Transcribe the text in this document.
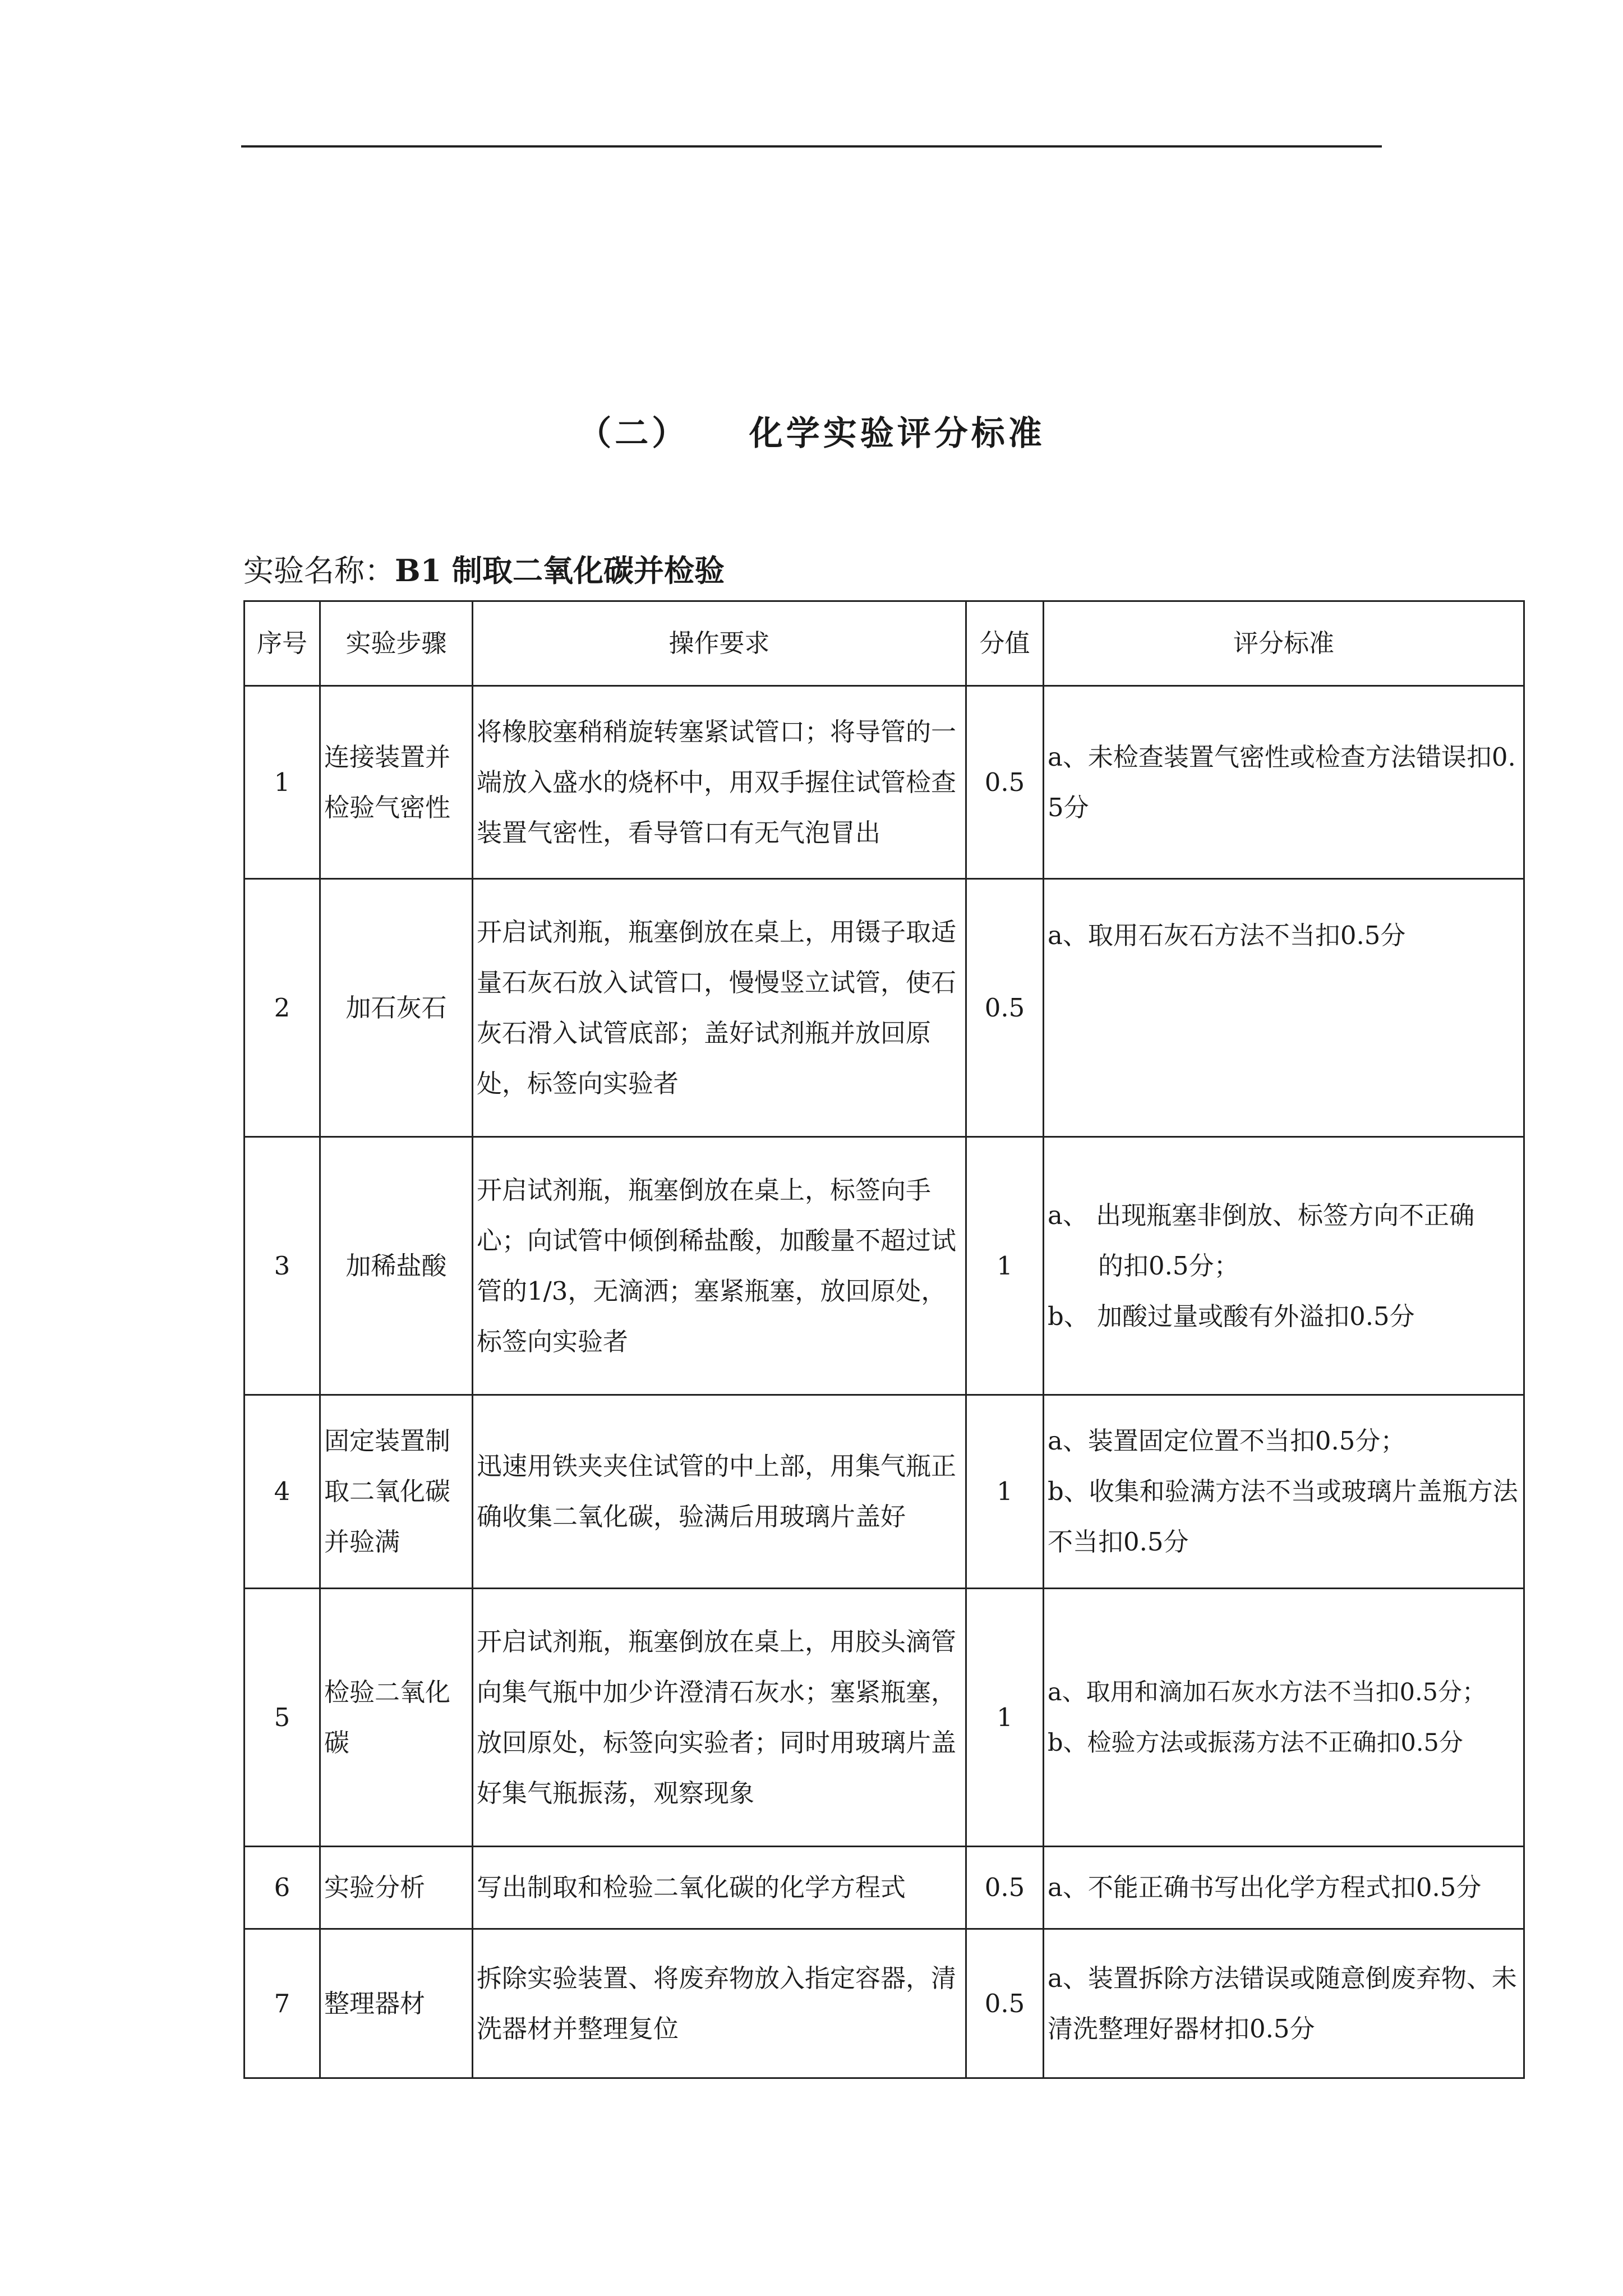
（二）    化学实验评分标准
实验名称：B1 制取二氧化碳并检验
序号	实验步骤	操作要求	分值	评分标准
1	连接装置并检验气密性	将橡胶塞稍稍旋转塞紧试管口；将导管的一端放入盛水的烧杯中，用双手握住试管检查装置气密性，看导管口有无气泡冒出	0.5	a、未检查装置气密性或检查方法错误扣0.5分

2	加石灰石	开启试剂瓶，瓶塞倒放在桌上，用镊子取适量石灰石放入试管口，慢慢竖立试管，使石灰石滑入试管底部；盖好试剂瓶并放回原处，标签向实验者	0.5	a、取用石灰石方法不当扣0.5分

3	加稀盐酸	开启试剂瓶，瓶塞倒放在桌上，标签向手心；向试管中倾倒稀盐酸，加酸量不超过试管的1/3，无滴洒；塞紧瓶塞，放回原处，标签向实验者	1	a、 出现瓶塞非倒放、标签方向不正确
的扣0.5分；
b、 加酸过量或酸有外溢扣0.5分

4	固定装置制取二氧化碳并验满	迅速用铁夹夹住试管的中上部，用集气瓶正确收集二氧化碳，验满后用玻璃片盖好	1	a、装置固定位置不当扣0.5分；
b、收集和验满方法不当或玻璃片盖瓶方法不当扣0.5分

5	检验二氧化碳	开启试剂瓶，瓶塞倒放在桌上，用胶头滴管向集气瓶中加少许澄清石灰水；塞紧瓶塞，放回原处，标签向实验者；同时用玻璃片盖好集气瓶振荡，观察现象	1	a、取用和滴加石灰水方法不当扣0.5分；
b、检验方法或振荡方法不正确扣0.5分

6	实验分析	写出制取和检验二氧化碳的化学方程式	0.5	a、不能正确书写出化学方程式扣0.5分

7	整理器材	拆除实验装置、将废弃物放入指定容器，清洗器材并整理复位	0.5	a、装置拆除方法错误或随意倒废弃物、未清洗整理好器材扣0.5分
